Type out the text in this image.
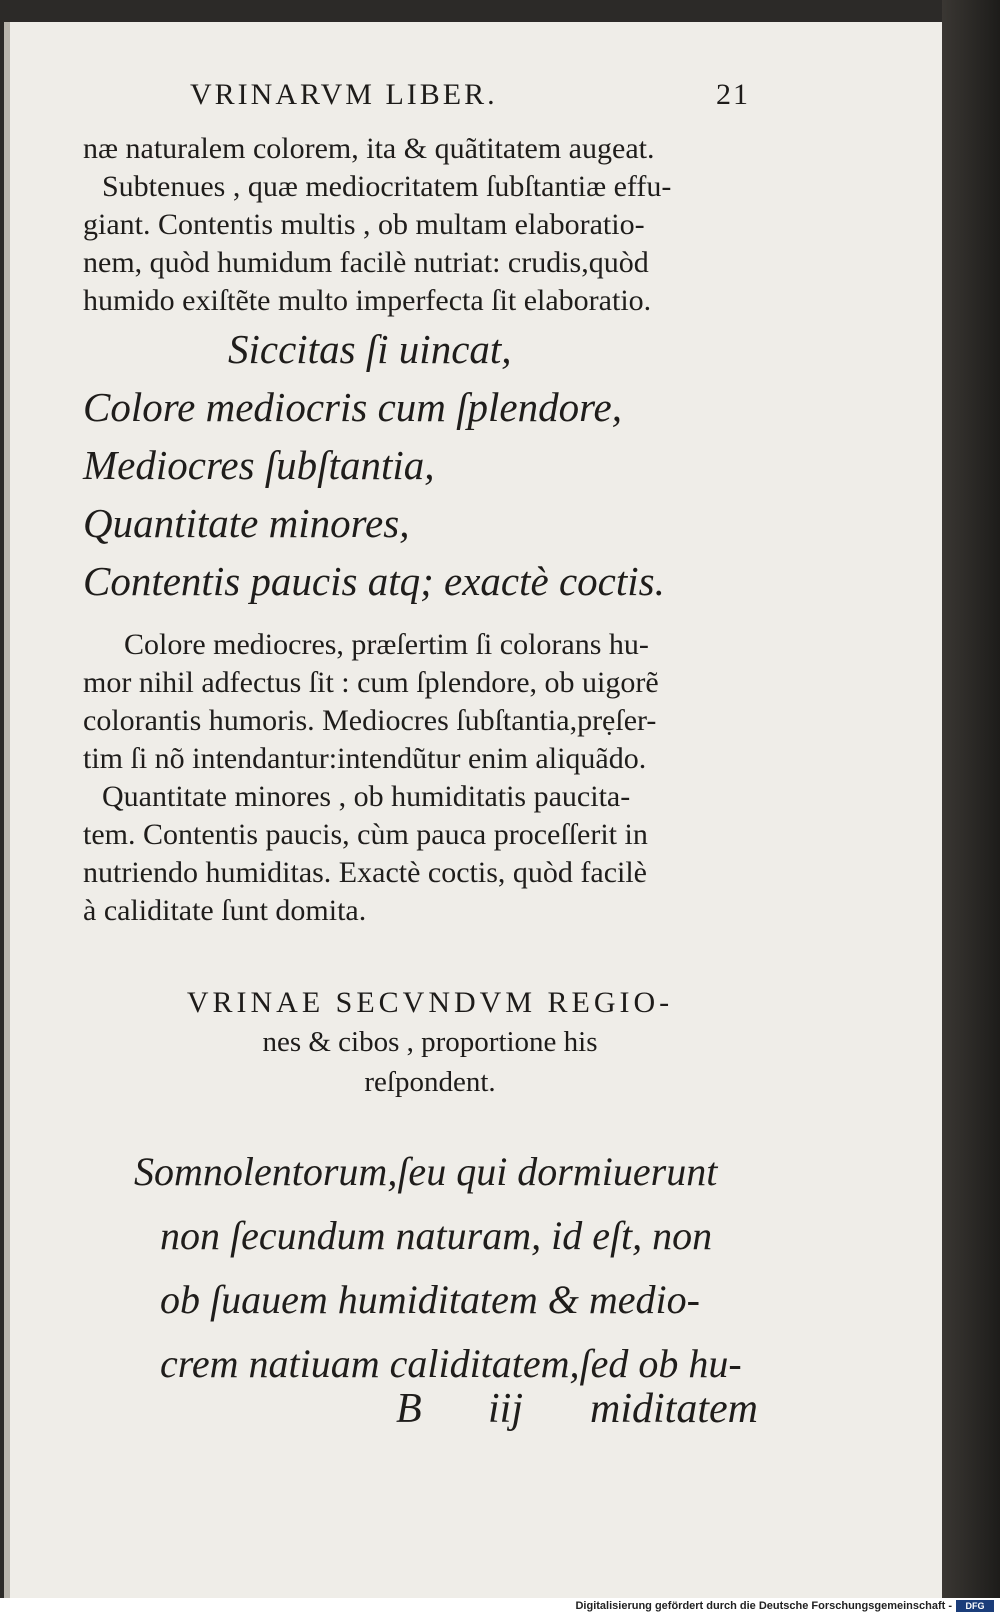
VRINARVM LIBER.	21

næ naturalem colorem, ita & quãtitatem augeat.

Subtenues , quæ mediocritatem ſubſtantiæ effu-

giant. Contentis multis , ob multam elaboratio-

nem, quòd humidum facilè nutriat: crudis,quòd

humido exiſtẽte multo imperfecta ſit elaboratio.

Siccitas ſi uincat,

Colore mediocris cum ſplendore,

Mediocres ſubſtantia,

Quantitate minores,

Contentis paucis atq; exactè coctis.

Colore mediocres, præſertim ſi colorans hu-

mor nihil adfectus ſit : cum ſplendore, ob uigorẽ

colorantis humoris. Mediocres ſubſtantia,prẹſer-

tim ſi nõ intendantur:intendũtur enim aliquãdo.

Quantitate minores , ob humiditatis paucita-

tem. Contentis paucis, cùm pauca proceſſerit in

nutriendo humiditas. Exactè coctis, quòd facilè

à caliditate ſunt domita.

VRINAE SECVNDVM REGIO-
nes & cibos , proportione his
reſpondent.

Somnolentorum,ſeu qui dormiuerunt

non ſecundum naturam, id eſt, non

ob ſuauem humiditatem & medio-

crem natiuam caliditatem,ſed ob hu-

B iij miditatem
Digitalisierung gefördert durch die Deutsche Forschungsgemeinschaft -	DFG
